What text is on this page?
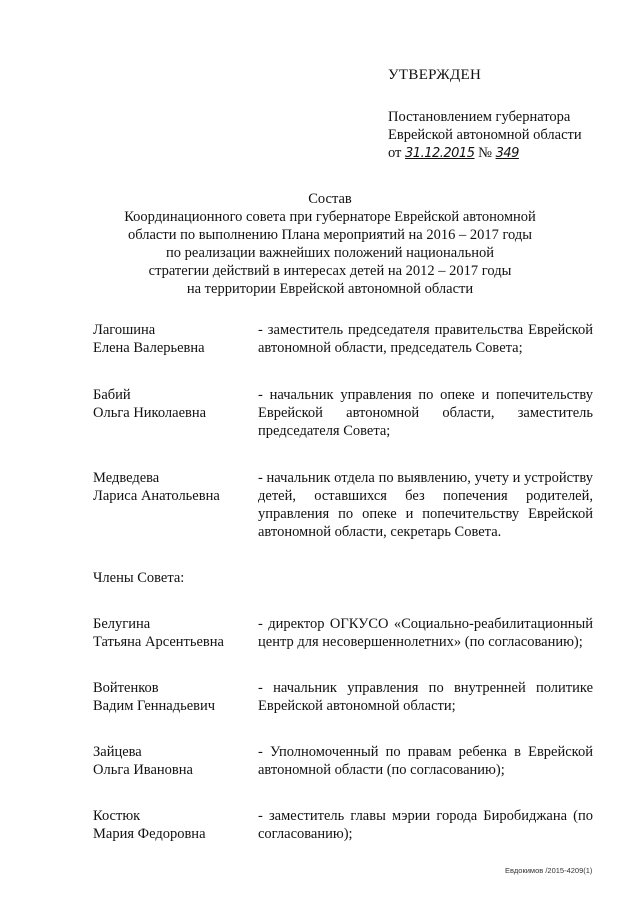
УТВЕРЖДЕН
Постановлением губернатора
Еврейской автономной области
от 31.12.2015 № 349
Состав
Координационного совета при губернаторе Еврейской автономной
области по выполнению Плана мероприятий на 2016 – 2017 годы
по реализации важнейших положений национальной
стратегии действий в интересах детей на 2012 – 2017 годы
на территории Еврейской автономной области
Лагошина
Елена Валерьевна
- заместитель председателя правительства Еврейской автономной области, председатель Совета;
Бабий
Ольга Николаевна
- начальник управления по опеке и попечительству Еврейской автономной области, заместитель председателя Совета;
Медведева
Лариса Анатольевна
- начальник отдела по выявлению, учету и устройству детей, оставшихся без попечения родителей, управления по опеке и попечительству Еврейской автономной области, секретарь Совета.
Члены Совета:
Белугина
Татьяна Арсентьевна
- директор ОГКУСО «Социально-реабилитационный центр для несовершеннолетних» (по согласованию);
Войтенков
Вадим Геннадьевич
- начальник управления по внутренней политике Еврейской автономной области;
Зайцева
Ольга Ивановна
- Уполномоченный по правам ребенка в Еврейской автономной области (по согласованию);
Костюк
Мария Федоровна
- заместитель главы мэрии города Биробиджана (по согласованию);
Евдокимов /2015-4209(1)
